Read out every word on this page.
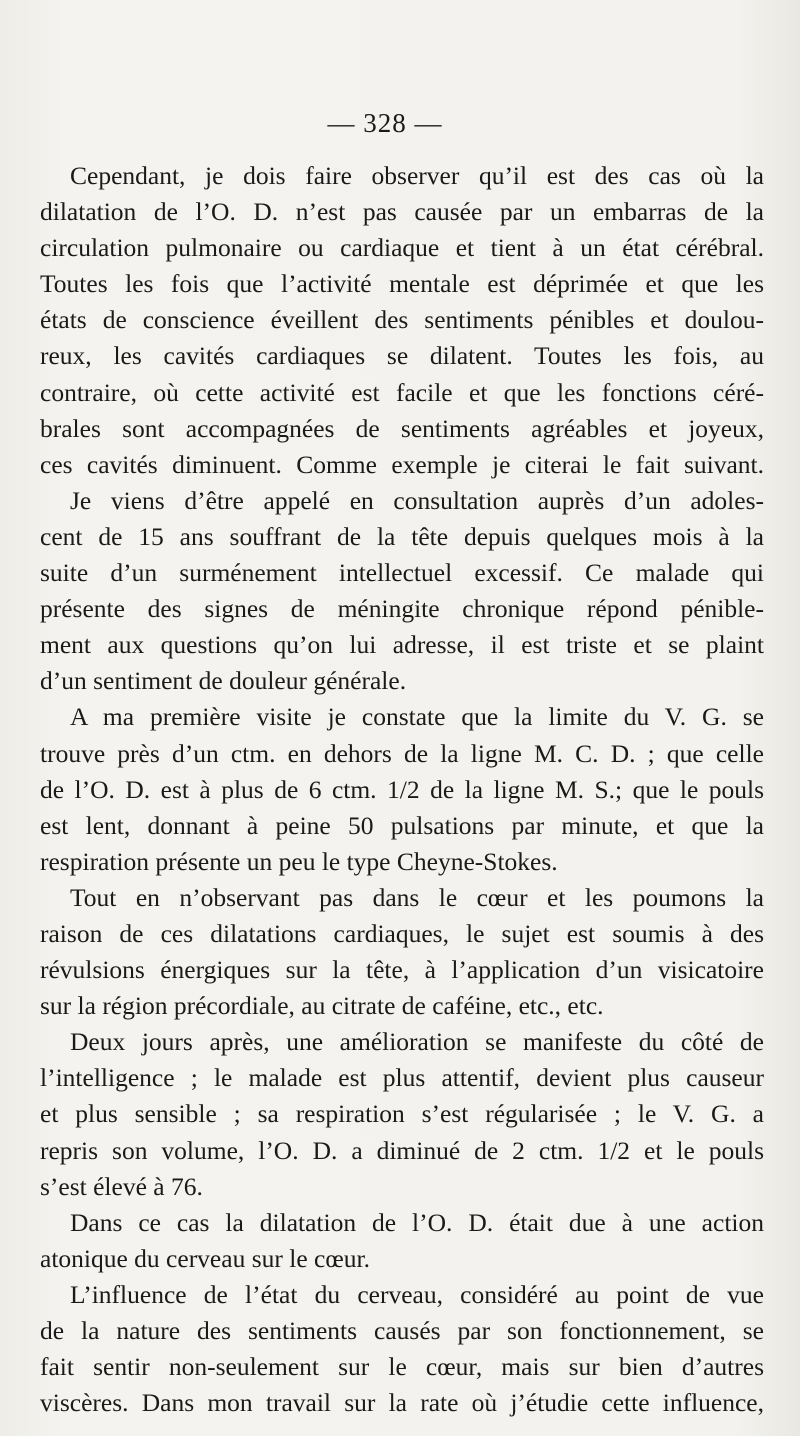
— 328 —
Cependant, je dois faire observer qu’il est des cas où la
dilatation de l’O. D. n’est pas causée par un embarras de la
circulation pulmonaire ou cardiaque et tient à un état cérébral.
Toutes les fois que l’activité mentale est déprimée et que les
états de conscience éveillent des sentiments pénibles et doulou-
reux, les cavités cardiaques se dilatent. Toutes les fois, au
contraire, où cette activité est facile et que les fonctions céré-
brales sont accompagnées de sentiments agréables et joyeux,
ces cavités diminuent. Comme exemple je citerai le fait suivant.
Je viens d’être appelé en consultation auprès d’un adoles-
cent de 15 ans souffrant de la tête depuis quelques mois à la
suite d’un surménement intellectuel excessif. Ce malade qui
présente des signes de méningite chronique répond pénible-
ment aux questions qu’on lui adresse, il est triste et se plaint
d’un sentiment de douleur générale.
A ma première visite je constate que la limite du V. G. se
trouve près d’un ctm. en dehors de la ligne M. C. D. ; que celle
de l’O. D. est à plus de 6 ctm. 1/2 de la ligne M. S.; que le pouls
est lent, donnant à peine 50 pulsations par minute, et que la
respiration présente un peu le type Cheyne-Stokes.
Tout en n’observant pas dans le cœur et les poumons la
raison de ces dilatations cardiaques, le sujet est soumis à des
révulsions énergiques sur la tête, à l’application d’un visicatoire
sur la région précordiale, au citrate de caféine, etc., etc.
Deux jours après, une amélioration se manifeste du côté de
l’intelligence ; le malade est plus attentif, devient plus causeur
et plus sensible ; sa respiration s’est régularisée ; le V. G. a
repris son volume, l’O. D. a diminué de 2 ctm. 1/2 et le pouls
s’est élevé à 76.
Dans ce cas la dilatation de l’O. D. était due à une action
atonique du cerveau sur le cœur.
L’influence de l’état du cerveau, considéré au point de vue
de la nature des sentiments causés par son fonctionnement, se
fait sentir non-seulement sur le cœur, mais sur bien d’autres
viscères. Dans mon travail sur la rate où j’étudie cette influence,
